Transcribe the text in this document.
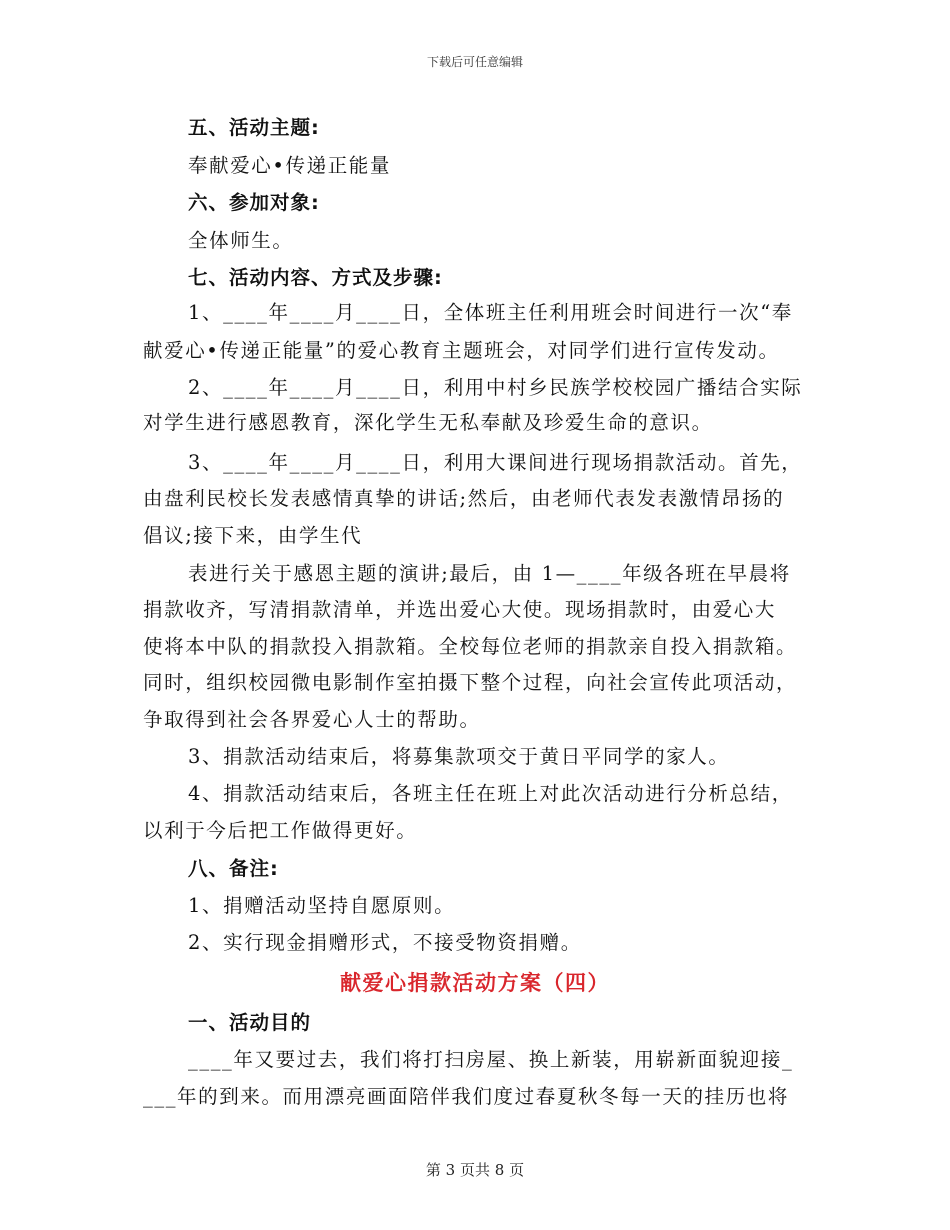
下载后可任意编辑
五、活动主题:
奉献爱心•传递正能量
六、参加对象:
全体师生。
七、活动内容、方式及步骤:
1、____年____月____日，全体班主任利用班会时间进行一次“奉
献爱心•传递正能量”的爱心教育主题班会，对同学们进行宣传发动。
2、____年____月____日，利用中村乡民族学校校园广播结合实际
对学生进行感恩教育，深化学生无私奉献及珍爱生命的意识。
3、____年____月____日，利用大课间进行现场捐款活动。首先，
由盘利民校长发表感情真挚的讲话;然后，由老师代表发表激情昂扬的
倡议;接下来，由学生代
表进行关于感恩主题的演讲;最后，由 1—____年级各班在早晨将
捐款收齐，写清捐款清单，并选出爱心大使。现场捐款时，由爱心大
使将本中队的捐款投入捐款箱。全校每位老师的捐款亲自投入捐款箱。
同时，组织校园微电影制作室拍摄下整个过程，向社会宣传此项活动，
争取得到社会各界爱心人士的帮助。
3、捐款活动结束后，将募集款项交于黄日平同学的家人。
4、捐款活动结束后，各班主任在班上对此次活动进行分析总结，
以利于今后把工作做得更好。
八、备注:
1、捐赠活动坚持自愿原则。
2、实行现金捐赠形式，不接受物资捐赠。
献爱心捐款活动方案（四）
一、活动目的
____年又要过去，我们将打扫房屋、换上新装，用崭新面貌迎接_
___年的到来。而用漂亮画面陪伴我们度过春夏秋冬每一天的挂历也将
第 3 页共 8 页
